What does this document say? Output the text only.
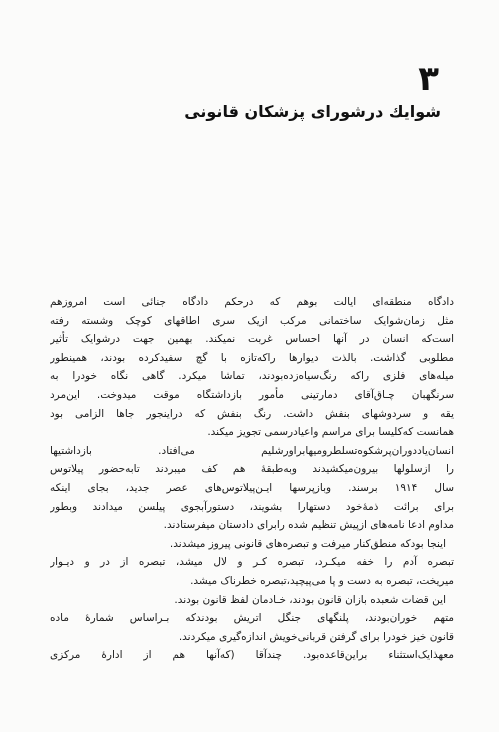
۳
شوایك درشورای پزشكان قانونی
دادگاه منطقه‌ای ایالت بوهم که درحکم دادگاه جنائی است امروزهم
مثل زمان‌شوایک ساختمانی مرکب ازیک سری اطاقهای کوچک وشسته رفته
است‌که انسان در آنها احساس غربت نمیکند. بهمین جهت درشوایک تأثیر
مطلوبی گذاشت. بالذت دیوارها راکه‌تازه با گچ سفیدکرده بودند، همینطور
میله‌های فلزی راکه رنگ‌سیاه‌زده‌بودند، تماشا میکرد. گاهی نگاه خودرا به
سرنگهبان چـاق‌آقای دمارتینی مأمور بازداشتگاه موقت میدوخت. این‌مرد
یقه و سردوشهای بنفش داشت. رنگ بنفش که دراینجور جاها الزامی بود
همانست که‌کلیسا برای مراسم واعیادرسمی تجویز میکند.
انسان‌یاددوران‌پرشکوه‌تسلطرومیهابراورشلیم می‌افتاد. بازداشتیها
را ازسلولها بیرون‌میکشیدند وبه‌طبقهٔ هم کف میبردند تابه‌حضور پیلاتوس
سال ۱۹۱۴ برسند. وبازپرسها ایـن‌پیلاتوس‌های عصر جدید، بجای اینکه
برای برائت ذمهٔ‌خود دستهارا بشویند، دستورآبجوی پیلسن میدادند وبطور
مداوم ادعا نامه‌های ازپیش تنظیم شده رابرای دادستان میفرستادند.
اینجا بودکه منطق‌کنار میرفت و تبصره‌های قانونی پیروز میشدند.
تبصره آدم را خفه میکـرد، تبصره کـر و لال میشد، تبصره از در و دیـوار
میریخت، تبصره به دست و پا می‌پیچید،تبصره خطرناک میشد.
این قضات شعبده بازان قانون بودند، خـادمان لفظ قانون بودند.
متهم خوران‌بودند، پلنگهای جنگل اتریش بودندکه بـراساس شمارهٔ ماده
قانون خیز خودرا برای گرفتن قربانی‌خویش اندازه‌گیری میکردند.
معهذایک‌استثناء براین‌قاعده‌بود. چندآقا (که‌آنها هم از ادارهٔ مرکزی
